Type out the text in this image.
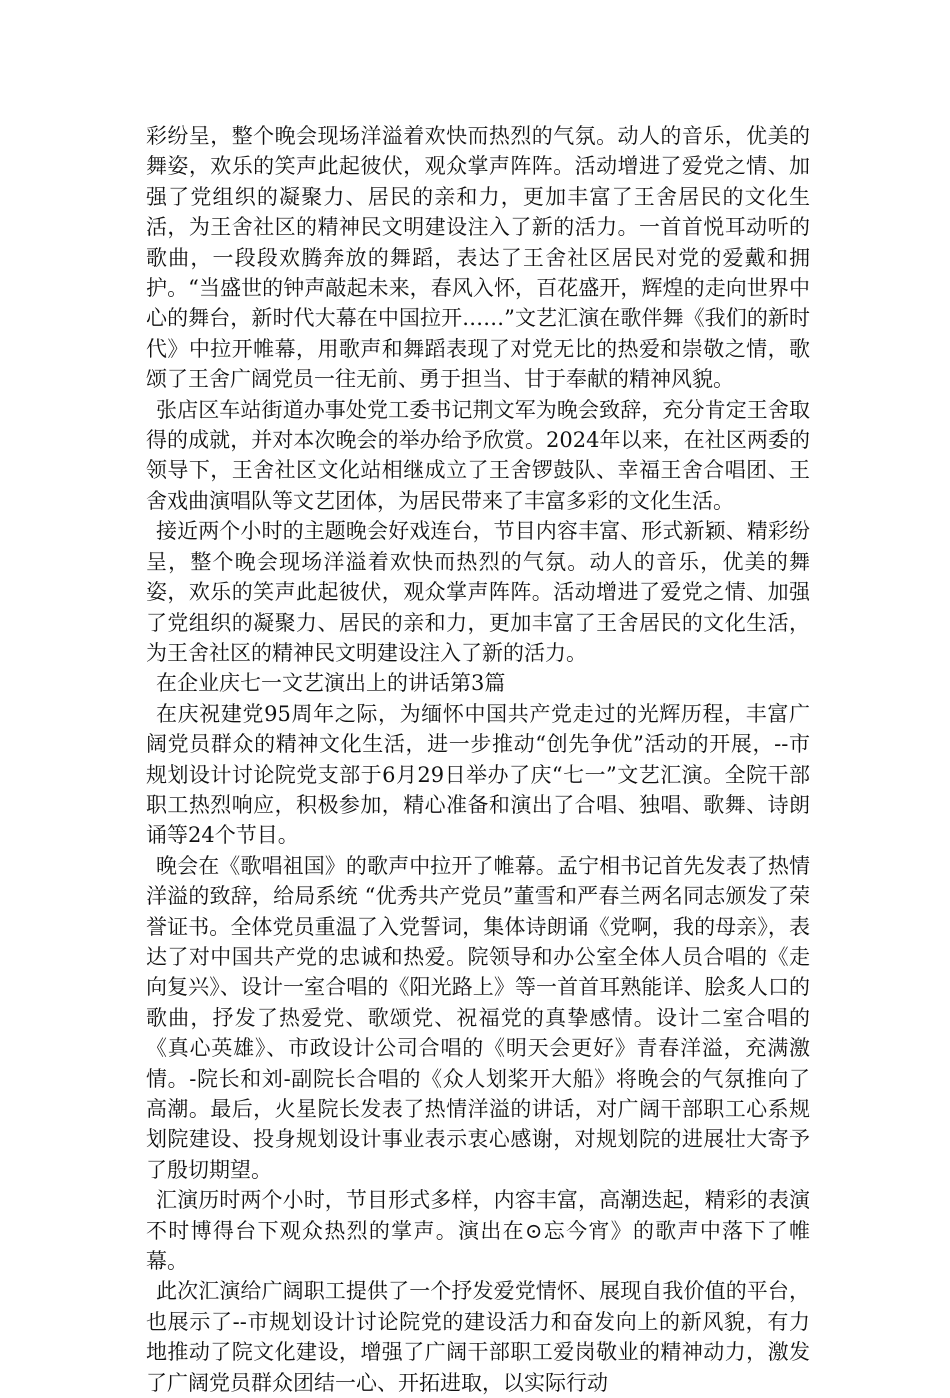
彩纷呈，整个晚会现场洋溢着欢快而热烈的气氛。动人的音乐，优美的舞姿，欢乐的笑声此起彼伏，观众掌声阵阵。活动增进了爱党之情、加强了党组织的凝聚力、居民的亲和力，更加丰富了王舍居民的文化生活，为王舍社区的精神民文明建设注入了新的活力。一首首悦耳动听的歌曲，一段段欢腾奔放的舞蹈，表达了王舍社区居民对党的爱戴和拥护。“当盛世的钟声敲起未来，春风入怀，百花盛开，辉煌的走向世界中心的舞台，新时代大幕在中国拉开……”文艺汇演在歌伴舞《我们的新时代》中拉开帷幕，用歌声和舞蹈表现了对党无比的热爱和崇敬之情，歌颂了王舍广阔党员一往无前、勇于担当、甘于奉献的精神风貌。

张店区车站街道办事处党工委书记荆文军为晚会致辞，充分肯定王舍取得的成就，并对本次晚会的举办给予欣赏。2024年以来，在社区两委的领导下，王舍社区文化站相继成立了王舍锣鼓队、幸福王舍合唱团、王舍戏曲演唱队等文艺团体，为居民带来了丰富多彩的文化生活。

接近两个小时的主题晚会好戏连台，节目内容丰富、形式新颖、精彩纷呈，整个晚会现场洋溢着欢快而热烈的气氛。动人的音乐，优美的舞姿，欢乐的笑声此起彼伏，观众掌声阵阵。活动增进了爱党之情、加强了党组织的凝聚力、居民的亲和力，更加丰富了王舍居民的文化生活，为王舍社区的精神民文明建设注入了新的活力。

在企业庆七一文艺演出上的讲话第3篇

在庆祝建党95周年之际，为缅怀中国共产党走过的光辉历程，丰富广阔党员群众的精神文化生活，进一步推动“创先争优”活动的开展，--市规划设计讨论院党支部于6月29日举办了庆“七一”文艺汇演。全院干部职工热烈响应，积极参加，精心准备和演出了合唱、独唱、歌舞、诗朗诵等24个节目。

晚会在《歌唱祖国》的歌声中拉开了帷幕。孟宁相书记首先发表了热情洋溢的致辞，给局系统 “优秀共产党员”董雪和严春兰两名同志颁发了荣誉证书。全体党员重温了入党誓词，集体诗朗诵《党啊，我的母亲》，表达了对中国共产党的忠诚和热爱。院领导和办公室全体人员合唱的《走向复兴》、设计一室合唱的《阳光路上》等一首首耳熟能详、脍炙人口的歌曲，抒发了热爱党、歌颂党、祝福党的真挚感情。设计二室合唱的《真心英雄》、市政设计公司合唱的《明天会更好》青春洋溢，充满激情。-院长和刘-副院长合唱的《众人划桨开大船》将晚会的气氛推向了高潮。最后，火星院长发表了热情洋溢的讲话，对广阔干部职工心系规划院建设、投身规划设计事业表示衷心感谢，对规划院的进展壮大寄予了殷切期望。

汇演历时两个小时，节目形式多样，内容丰富，高潮迭起，精彩的表演不时博得台下观众热烈的掌声。演出在⊙忘今宵》的歌声中落下了帷幕。

此次汇演给广阔职工提供了一个抒发爱党情怀、展现自我价值的平台，也展示了--市规划设计讨论院党的建设活力和奋发向上的新风貌，有力地推动了院文化建设，增强了广阔干部职工爱岗敬业的精神动力，激发了广阔党员群众团结一心、开拓进取，以实际行动
